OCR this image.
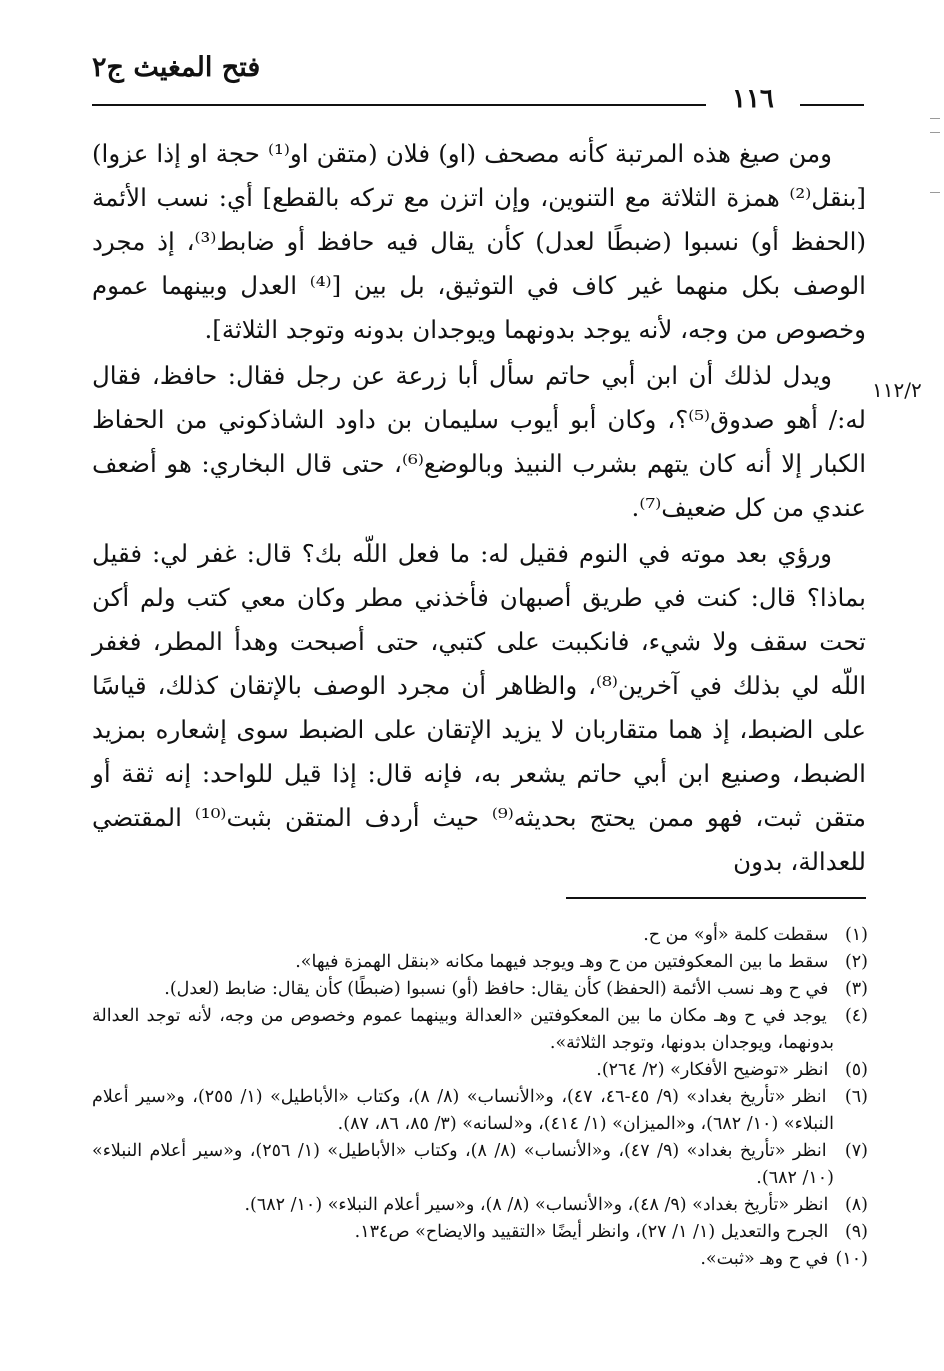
فتح المغيث ج٢
١١٦
١١٢/٢

ومن صيغ هذه المرتبة كأنه مصحف (او) فلان (متقن او⁽¹⁾ حجة او إذا عزوا) [بنقل⁽²⁾ همزة الثلاثة مع التنوين، وإن اتزن مع تركه بالقطع] أي: نسب الأئمة (الحفظ أو) نسبوا (ضبطًا لعدل) كأن يقال فيه حافظ أو ضابط⁽³⁾، إذ مجرد الوصف بكل منهما غير كاف في التوثيق، بل بين [⁽⁴⁾ العدل وبينهما عموم وخصوص من وجه، لأنه يوجد بدونهما ويوجدان بدونه وتوجد الثلاثة].

ويدل لذلك أن ابن أبي حاتم سأل أبا زرعة عن رجل فقال: حافظ، فقال له:/ أهو صدوق⁽⁵⁾؟، وكان أبو أيوب سليمان بن داود الشاذكوني من الحفاظ الكبار إلا أنه كان يتهم بشرب النبيذ وبالوضع⁽⁶⁾، حتى قال البخاري: هو أضعف عندي من كل ضعيف⁽⁷⁾.

ورؤي بعد موته في النوم فقيل له: ما فعل اللّه بك؟ قال: غفر لي: فقيل بماذا؟ قال: كنت في طريق أصبهان فأخذني مطر وكان معي كتب ولم أكن تحت سقف ولا شيء، فانكببت على كتبي، حتى أصبحت وهدأ المطر، فغفر اللّه لي بذلك في آخرين⁽⁸⁾، والظاهر أن مجرد الوصف بالإتقان كذلك، قياسًا على الضبط، إذ هما متقاربان لا يزيد الإتقان على الضبط سوى إشعاره بمزيد الضبط، وصنيع ابن أبي حاتم يشعر به، فإنه قال: إذا قيل للواحد: إنه ثقة أو متقن ثبت، فهو ممن يحتج بحديثه⁽⁹⁾ حيث أردف المتقن بثبت⁽¹⁰⁾ المقتضي للعدالة، بدون

(١) سقطت كلمة «أو» من ح.

(٢) سقط ما بين المعكوفتين من ح وهـ ويوجد فيهما مكانه «بنقل الهمزة فيها».

(٣) في ح وهـ نسب الأئمة (الحفظ) كأن يقال: حافظ (أو) نسبوا (ضبطًا) كأن يقال: ضابط (لعدل).

(٤) يوجد في ح وهـ مكان ما بين المعكوفتين «العدالة وبينهما عموم وخصوص من وجه، لأنه توجد العدالة بدونهما، ويوجدان بدونها، وتوجد الثلاثة».

(٥) انظر «توضيح الأفكار» (٢/ ٢٦٤).

(٦) انظر «تأريخ بغداد» (٩/ ٤٥-٤٦، ٤٧)، و«الأنساب» (٨/ ٨)، وكتاب «الأباطيل» (١/ ٢٥٥)، و«سير أعلام النبلاء» (١٠/ ٦٨٢)، و«الميزان» (١/ ٤١٤)، و«لسانه» (٣/ ٨٥، ٨٦، ٨٧).

(٧) انظر «تأريخ بغداد» (٩/ ٤٧)، و«الأنساب» (٨/ ٨)، وكتاب «الأباطيل» (١/ ٢٥٦)، و«سير أعلام النبلاء» (١٠/ ٦٨٢).

(٨) انظر «تأريخ بغداد» (٩/ ٤٨)، و«الأنساب» (٨/ ٨)، و«سير أعلام النبلاء» (١٠/ ٦٨٢).

(٩) الجرح والتعديل (١/ ١/ ٢٧)، وانظر أيضًا «التقييد والايضاح» ص١٣٤.

(١٠) في ح وهـ «ثبت».
